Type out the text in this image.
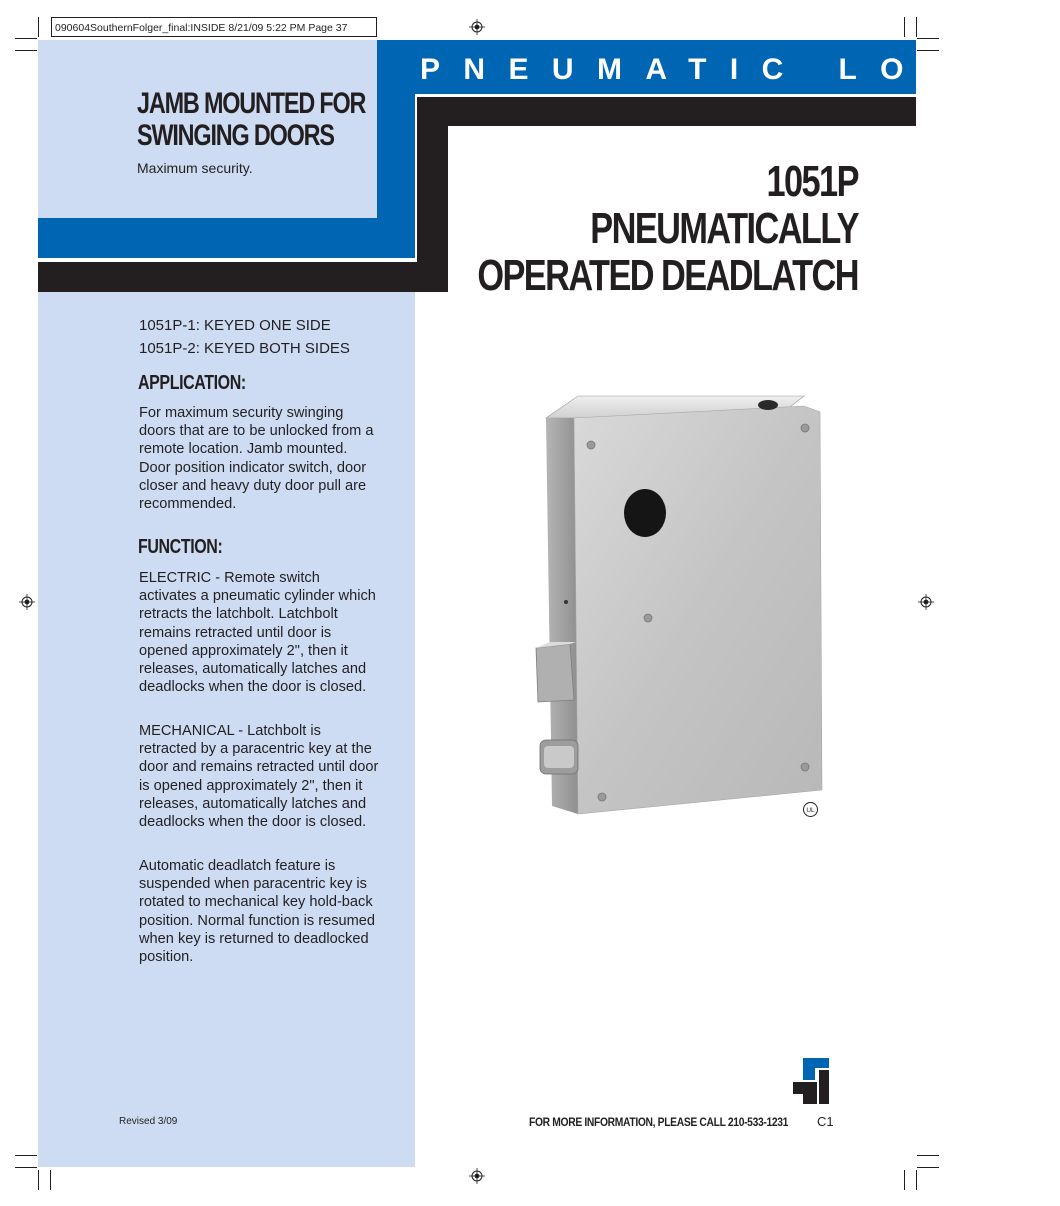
090604SouthernFolger_final:INSIDE 8/21/09 5:22 PM Page 37
PNEUMATIC LOCKS
JAMB MOUNTED FOR
SWINGING DOORS
Maximum security.	1051P
PNEUMATICALLY
OPERATED DEADLATCH
1051P-1: KEYED ONE SIDE
1051P-2: KEYED BOTH SIDES
APPLICATION:

For maximum security swinging doors that are to be unlocked from a remote location. Jamb mounted. Door position indicator switch, door closer and heavy duty door pull are recommended.

FUNCTION:

ELECTRIC - Remote switch activates a pneumatic cylinder which retracts the latchbolt. Latchbolt remains retracted until door is opened approximately 2", then it releases, automatically latches and deadlocks when the door is closed.

MECHANICAL - Latchbolt is retracted by a paracentric key at the door and remains retracted until door is opened approximately 2", then it releases, automatically latches and deadlocks when the door is closed.

Automatic deadlatch feature is suspended when paracentric key is rotated to mechanical key hold-back position. Normal function is resumed when key is returned to deadlocked position.

UL
Revised 3/09	FOR MORE INFORMATION, PLEASE CALL 210-533-1231 C1
